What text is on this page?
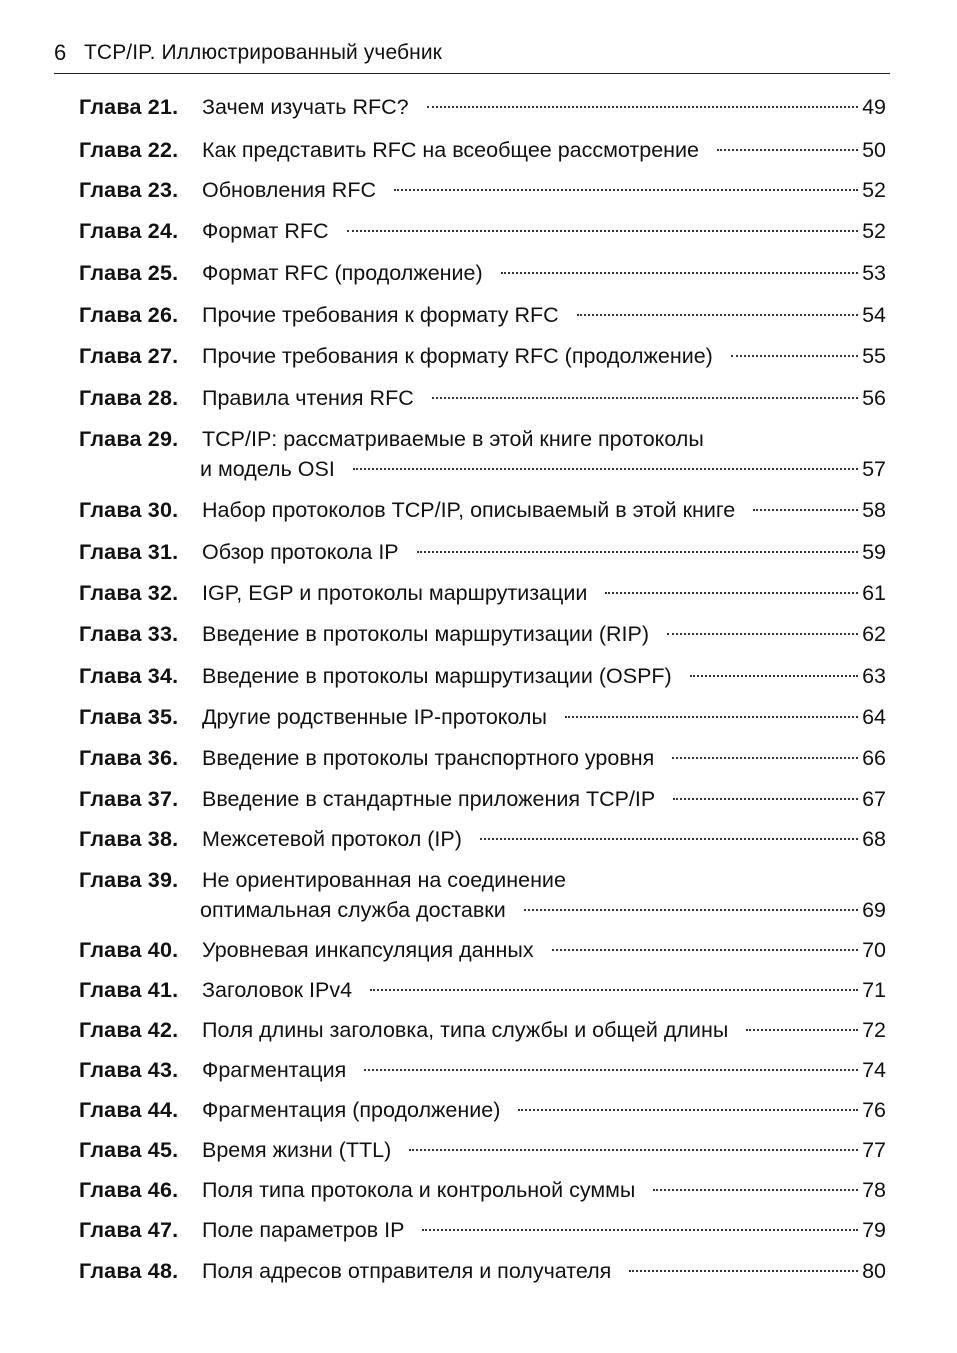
6 TCP/IP. Иллюстрированный учебник
Глава 21. Зачем изучать RFC?	49
Глава 22. Как представить RFC на всеобщее рассмотрение	50
Глава 23. Обновления RFC	52
Глава 24. Формат RFC	52
Глава 25. Формат RFC (продолжение)	53
Глава 26. Прочие требования к формату RFC	54
Глава 27. Прочие требования к формату RFC (продолжение)	55
Глава 28. Правила чтения RFC	56
Глава 29. TCP/IP: рассматриваемые в этой книге протоколы
и модель OSI	57
Глава 30. Набор протоколов TCP/IP, описываемый в этой книге	58
Глава 31. Обзор протокола IP	59
Глава 32. IGP, EGP и протоколы маршрутизации	61
Глава 33. Введение в протоколы маршрутизации (RIP)	62
Глава 34. Введение в протоколы маршрутизации (OSPF)	63
Глава 35. Другие родственные IP-протоколы	64
Глава 36. Введение в протоколы транспортного уровня	66
Глава 37. Введение в стандартные приложения TCP/IP	67
Глава 38. Межсетевой протокол (IP)	68
Глава 39. Не ориентированная на соединение
оптимальная служба доставки	69
Глава 40. Уровневая инкапсуляция данных	70
Глава 41. Заголовок IPv4	71
Глава 42. Поля длины заголовка, типа службы и общей длины	72
Глава 43. Фрагментация	74
Глава 44. Фрагментация (продолжение)	76
Глава 45. Время жизни (TTL)	77
Глава 46. Поля типа протокола и контрольной суммы	78
Глава 47. Поле параметров IP	79
Глава 48. Поля адресов отправителя и получателя	80
